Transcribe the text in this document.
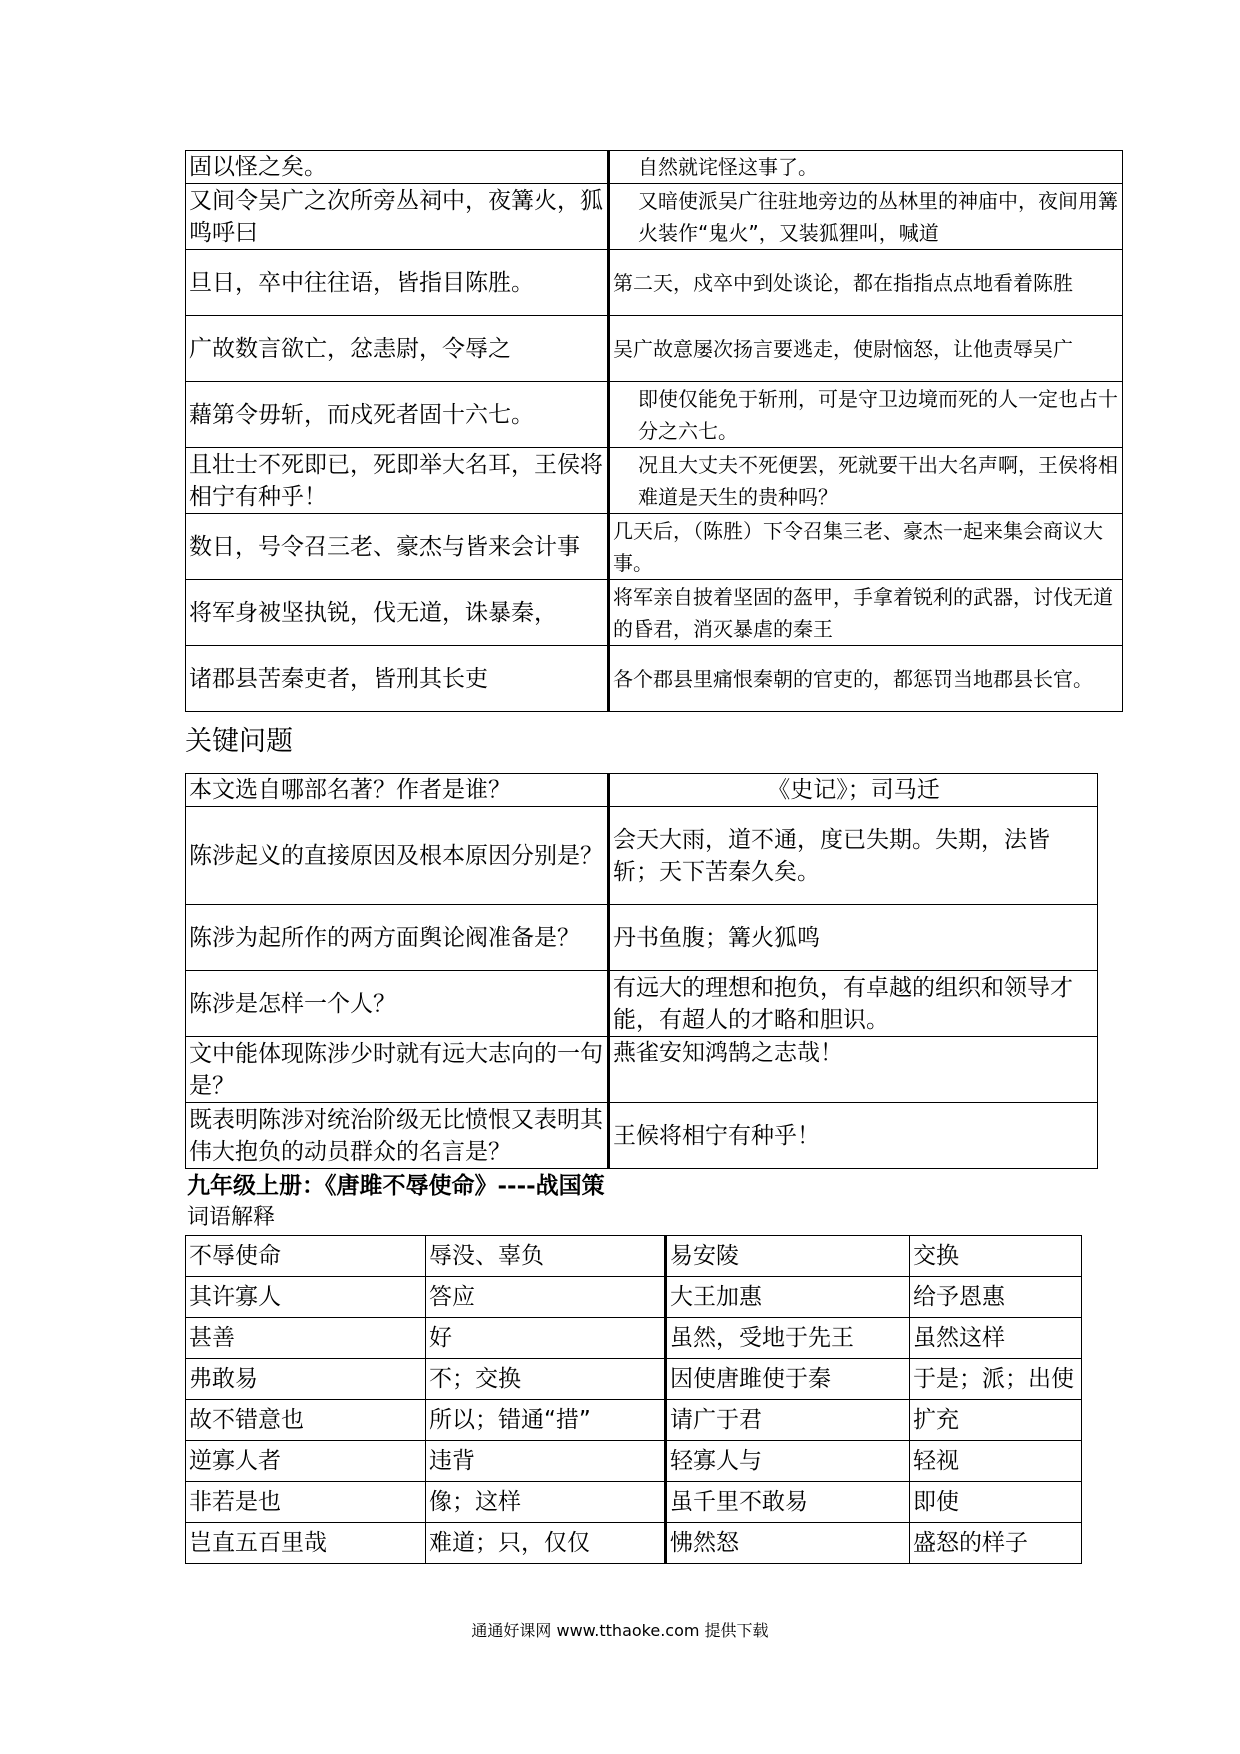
固以怪之矣。	自然就诧怪这事了。
又间令吴广之次所旁丛祠中，夜篝火，狐鸣呼曰	又暗使派吴广往驻地旁边的丛林里的神庙中，夜间用篝火装作“鬼火”，又装狐狸叫，喊道
旦日，卒中往往语，皆指目陈胜。	第二天，戍卒中到处谈论，都在指指点点地看着陈胜
广故数言欲亡，忿恚尉，令辱之	吴广故意屡次扬言要逃走，使尉恼怒，让他责辱吴广
藉第令毋斩，而戍死者固十六七。	即使仅能免于斩刑，可是守卫边境而死的人一定也占十分之六七。
且壮士不死即已，死即举大名耳，王侯将相宁有种乎！	况且大丈夫不死便罢，死就要干出大名声啊，王侯将相难道是天生的贵种吗？
数日，号令召三老、豪杰与皆来会计事	几天后，（陈胜）下令召集三老、豪杰一起来集会商议大事。
将军身被坚执锐，伐无道，诛暴秦，	将军亲自披着坚固的盔甲，手拿着锐利的武器，讨伐无道的昏君，消灭暴虐的秦王
诸郡县苦秦吏者，皆刑其长吏	各个郡县里痛恨秦朝的官吏的，都惩罚当地郡县长官。
关键问题
本文选自哪部名著？作者是谁？	《史记》；司马迁
陈涉起义的直接原因及根本原因分别是？	会天大雨，道不通，度已失期。失期，法皆斩；天下苦秦久矣。
陈涉为起所作的两方面舆论阀准备是？	丹书鱼腹；篝火狐鸣
陈涉是怎样一个人？	有远大的理想和抱负，有卓越的组织和领导才能，有超人的才略和胆识。
文中能体现陈涉少时就有远大志向的一句是？	燕雀安知鸿鹄之志哉！
既表明陈涉对统治阶级无比愤恨又表明其伟大抱负的动员群众的名言是？	王候将相宁有种乎！
九年级上册：《唐雎不辱使命》----战国策
词语解释
不辱使命	辱没、辜负	易安陵	交换
其许寡人	答应	大王加惠	给予恩惠
甚善	好	虽然，受地于先王	虽然这样
弗敢易	不；交换	因使唐雎使于秦	于是；派；出使
故不错意也	所以；错通“措”	请广于君	扩充
逆寡人者	违背	轻寡人与	轻视
非若是也	像；这样	虽千里不敢易	即使
岂直五百里哉	难道；只，仅仅	怫然怒	盛怒的样子
通通好课网 www.tthaoke.com 提供下载
